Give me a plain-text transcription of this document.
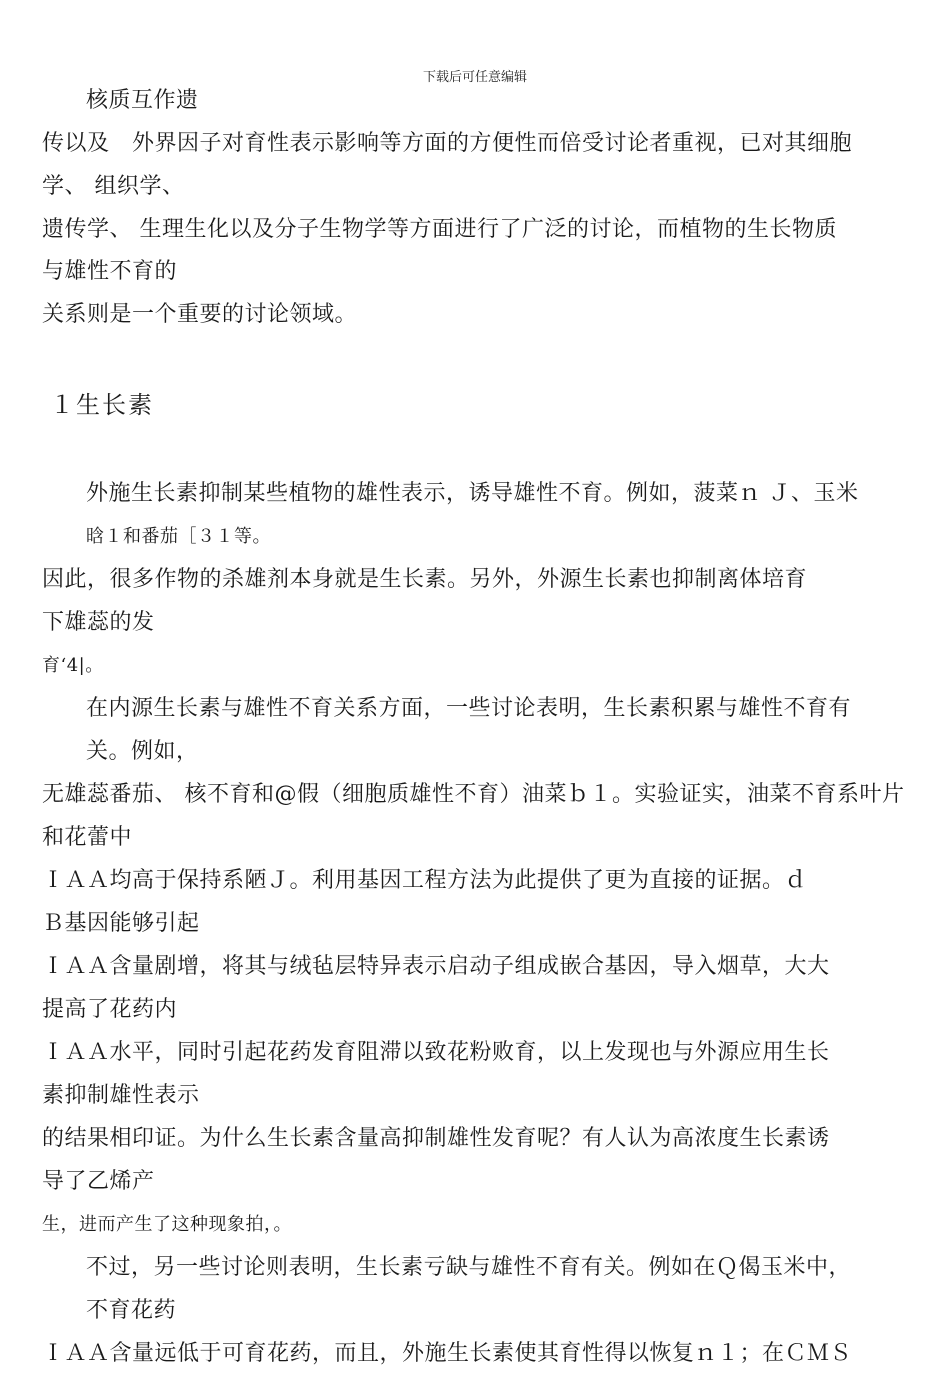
下载后可任意编辑
核质互作遗
传以及　外界因子对育性表示影响等方面的方便性而倍受讨论者重视，已对其细胞
学、 组织学、
遗传学、 生理生化以及分子生物学等方面进行了广泛的讨论，而植物的生长物质
与雄性不育的
关系则是一个重要的讨论领域。
１生长素
外施生长素抑制某些植物的雄性表示，诱导雄性不育。例如，菠菜ｎ Ｊ、玉米
晗１和番茄［３１等。
因此，很多作物的杀雄剂本身就是生长素。另外，外源生长素也抑制离体培育
下雄蕊的发
育‘4|。
在内源生长素与雄性不育关系方面，一些讨论表明，生长素积累与雄性不育有
关。例如，
无雄蕊番茄、 核不育和@假（细胞质雄性不育）油菜ｂ１。实验证实，油菜不育系叶片
和花蕾中
ＩＡＡ均高于保持系陋Ｊ。利用基因工程方法为此提供了更为直接的证据。ｄ
Ｂ基因能够引起
ＩＡＡ含量剧增，将其与绒毡层特异表示启动子组成嵌合基因，导入烟草，大大
提高了花药内
ＩＡＡ水平，同时引起花药发育阻滞以致花粉败育，以上发现也与外源应用生长
素抑制雄性表示
的结果相印证。为什么生长素含量高抑制雄性发育呢？有人认为高浓度生长素诱
导了乙烯产
生，进而产生了这种现象拍，。
不过，另一些讨论则表明，生长素亏缺与雄性不育有关。例如在Ｑ偈玉米中，
不育花药
ＩＡＡ含量远低于可育花药，而且，外施生长素使其育性得以恢复ｎ１；在ＣＭＳ
